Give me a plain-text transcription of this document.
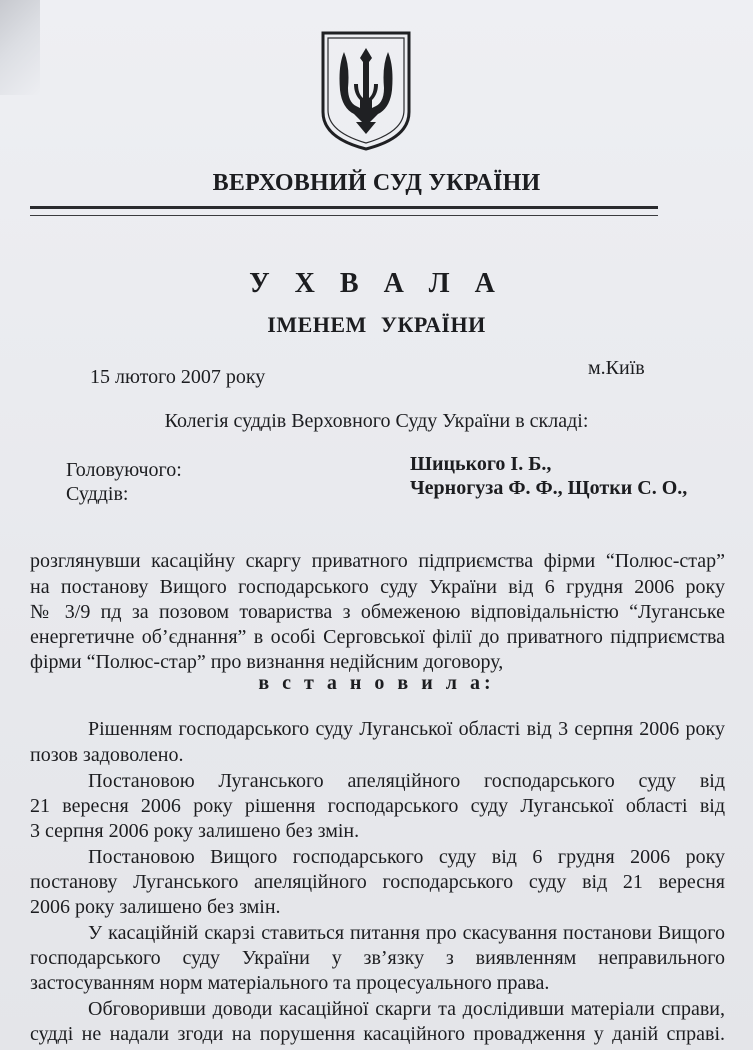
ВЕРХОВНИЙ СУД УКРАЇНИ
У Х В А Л А
ІМЕНЕМ УКРАЇНИ
15 лютого 2007 року	м.Київ
Колегія суддів Верховного Суду України в складі:
Головуючого:	Шицького І. Б.,
Суддів:	Черногуза Ф. Ф., Щотки С. О.,
розглянувши касаційну скаргу приватного підприємства фірми “Полюс-стар”
на постанову Вищого господарського суду України від 6 грудня 2006 року
№ 3/9 пд за позовом товариства з обмеженою відповідальністю “Луганське
енергетичне об’єднання” в особі Серговської філії до приватного підприємства
фірми “Полюс-стар” про визнання недійсним договору,
в с т а н о в и л а:
Рішенням господарського суду Луганської області від 3 серпня 2006 року
позов задоволено.
Постановою Луганського апеляційного господарського суду від
21 вересня 2006 року рішення господарського суду Луганської області від
3 серпня 2006 року залишено без змін.
Постановою Вищого господарського суду від 6 грудня 2006 року
постанову Луганського апеляційного господарського суду від 21 вересня
2006 року залишено без змін.
У касаційній скарзі ставиться питання про скасування постанови Вищого
господарського суду України у зв’язку з виявленням неправильного
застосуванням норм матеріального та процесуального права.
Обговоривши доводи касаційної скарги та дослідивши матеріали справи,
судді не надали згоди на порушення касаційного провадження у даній справі.
